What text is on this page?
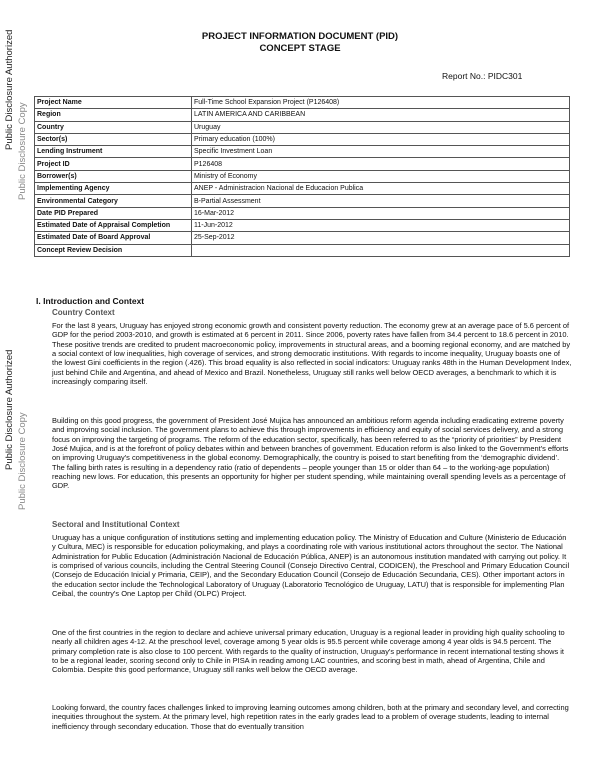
Public Disclosure Authorized
Public Disclosure Copy
Public Disclosure Authorized Public Disclosure Copy
PROJECT INFORMATION DOCUMENT (PID)
CONCEPT STAGE
Report No.: PIDC301
Project Name	Full-Time School Expansion Project (P126408)
Region	LATIN AMERICA AND CARIBBEAN
Country	Uruguay
Sector(s)	Primary education (100%)
Lending Instrument	Specific Investment Loan
Project ID	P126408
Borrower(s)	Ministry of Economy
Implementing Agency	ANEP - Administracion Nacional de Educacion Publica
Environmental Category	B-Partial Assessment
Date PID Prepared	16-Mar-2012
Estimated Date of Appraisal Completion	11-Jun-2012
Estimated Date of Board Approval	25-Sep-2012
Concept Review Decision	
I. Introduction and Context
Country Context
For the last 8 years, Uruguay has enjoyed strong economic growth and consistent poverty reduction. The economy grew at an average pace of 5.6 percent of GDP for the period 2003-2010, and growth is estimated at 6 percent in 2011. Since 2006, poverty rates have fallen from 34.4 percent to 18.6 percent in 2010. These positive trends are credited to prudent macroeconomic policy, improvements in structural areas, and a booming regional economy, and are matched by a social context of low inequalities, high coverage of services, and strong democratic institutions. With regards to income inequality, Uruguay boasts one of the lowest Gini coefficients in the region (.426). This broad equality is also reflected in social indicators: Uruguay ranks 48th in the Human Development Index, just behind Chile and Argentina, and ahead of Mexico and Brazil. Nonetheless, Uruguay still ranks well below OECD averages, a benchmark to which it is increasingly comparing itself.
Building on this good progress, the government of President José Mujica has announced an ambitious reform agenda including eradicating extreme poverty and improving social inclusion. The government plans to achieve this through improvements in efficiency and equity of social services delivery, and a strong focus on improving the targeting of programs. The reform of the education sector, specifically, has been referred to as the “priority of priorities” by President José Mujica, and is at the forefront of policy debates within and between branches of government. Education reform is also linked to the Government's efforts on improving Uruguay's competitiveness in the global economy. Demographically, the country is poised to start benefiting from the ‘demographic dividend’. The falling birth rates is resulting in a dependency ratio (ratio of dependents – people younger than 15 or older than 64 – to the working-age population) reaching new lows. For education, this presents an opportunity for higher per student spending, while maintaining overall spending levels as a percentage of GDP.
Sectoral and Institutional Context
Uruguay has a unique configuration of institutions setting and implementing education policy. The Ministry of Education and Culture (Ministerio de Educación y Cultura, MEC) is responsible for education policymaking, and plays a coordinating role with various institutional actors throughout the sector. The National Administration for Public Education (Administración Nacional de Educación Pública, ANEP) is an autonomous institution mandated with carrying out policy. It is comprised of various councils, including the Central Steering Council (Consejo Directivo Central, CODICEN), the Preschool and Primary Education Council (Consejo de Educación Inicial y Primaria, CEIP), and the Secondary Education Council (Consejo de Educación Secundaria, CES). Other important actors in the education sector include the Technological Laboratory of Uruguay (Laboratorio Tecnológico de Uruguay, LATU) that is responsible for implementing Plan Ceibal, the country's One Laptop per Child (OLPC) Project.
One of the first countries in the region to declare and achieve universal primary education, Uruguay is a regional leader in providing high quality schooling to nearly all children ages 4-12. At the preschool level, coverage among 5 year olds is 95.5 percent while coverage among 4 year olds is 94.5 percent. The primary completion rate is also close to 100 percent. With regards to the quality of instruction, Uruguay's performance in recent international testing shows it to be a regional leader, scoring second only to Chile in PISA in reading among LAC countries, and scoring best in math, ahead of Argentina, Chile and Colombia. Despite this good performance, Uruguay still ranks well below the OECD average.
Looking forward, the country faces challenges linked to improving learning outcomes among children, both at the primary and secondary level, and correcting inequities throughout the system. At the primary level, high repetition rates in the early grades lead to a problem of overage students, leading to internal inefficiency through secondary education. Those that do eventually transition
